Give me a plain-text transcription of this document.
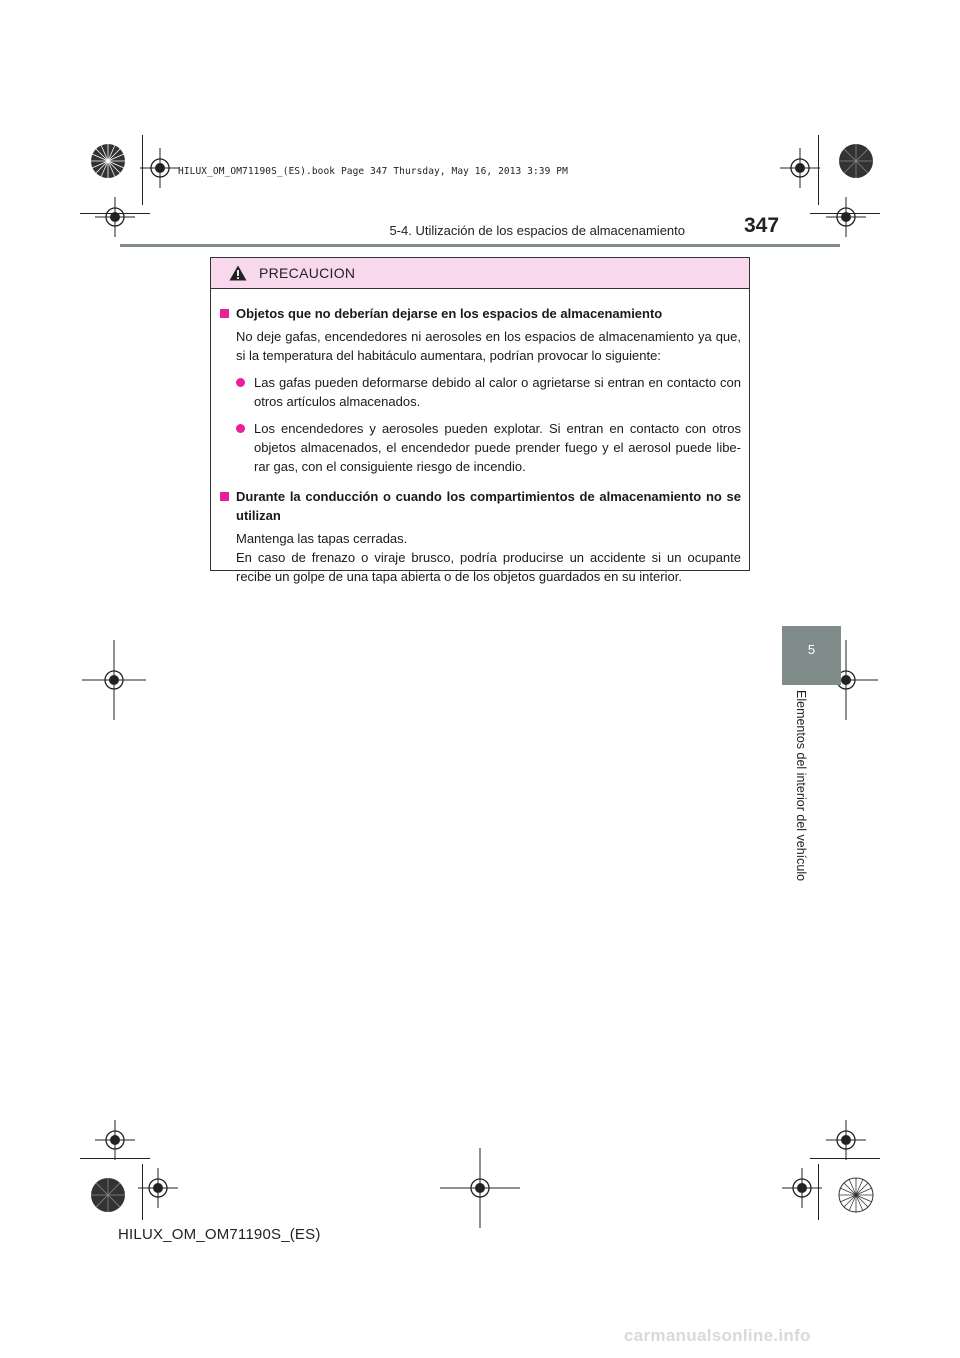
HILUX_OM_OM71190S_(ES).book Page 347 Thursday, May 16, 2013 3:39 PM
5-4. Utilización de los espacios de almacenamiento	347
5
Elementos del interior del vehículo
PRECAUCION
Objetos que no deberían dejarse en los espacios de almacenamiento
No deje gafas, encendedores ni aerosoles en los espacios de almacenamiento ya que, si la temperatura del habitáculo aumentara, podrían provocar lo siguiente:
Las gafas pueden deformarse debido al calor o agrietarse si entran en contacto con otros artículos almacenados.
Los encendedores y aerosoles pueden explotar. Si entran en contacto con otros objetos almacenados, el encendedor puede prender fuego y el aerosol puede libe-rar gas, con el consiguiente riesgo de incendio.
Durante la conducción o cuando los compartimientos de almacenamiento no se utilizan
Mantenga las tapas cerradas.
En caso de frenazo o viraje brusco, podría producirse un accidente si un ocupante recibe un golpe de una tapa abierta o de los objetos guardados en su interior.
HILUX_OM_OM71190S_(ES)
carmanualsonline.info
